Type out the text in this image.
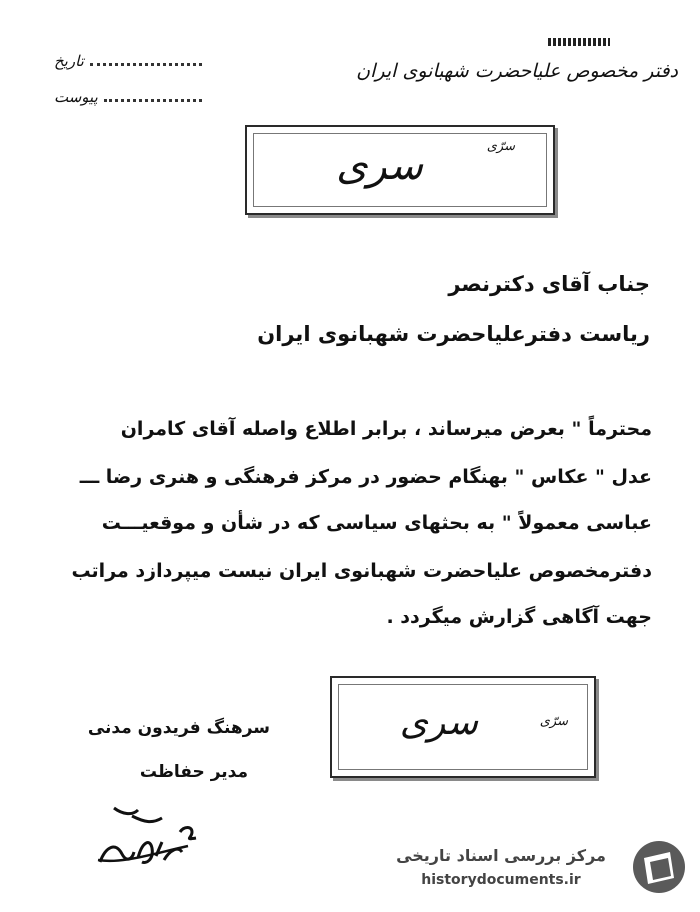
دفتر مخصوص علیاحضرت شهبانوی ایران
تاریخ
پیوست
سرّی
سری
جناب آقای دکترنصر
ریاست دفترعلیاحضرت شهبانوی ایران
محترماً " بعرض میرساند ، برابر اطلاع واصله آقای کامران
عدل " عکاس " بهنگام حضور در مرکز فرهنگی و هنری رضا ـــ
عباسی معمولاً " به بحثهای سیاسی که در شأن و موقعیـــت
دفترمخصوص علیاحضرت شهبانوی ایران نیست میپردازد مراتب
جهت آگاهی گزارش میگردد .
سرّی
سری
سرهنگ فریدون مدنی
مدیر حفاظت
مرکز بررسی اسناد تاریخی
historydocuments.ir
